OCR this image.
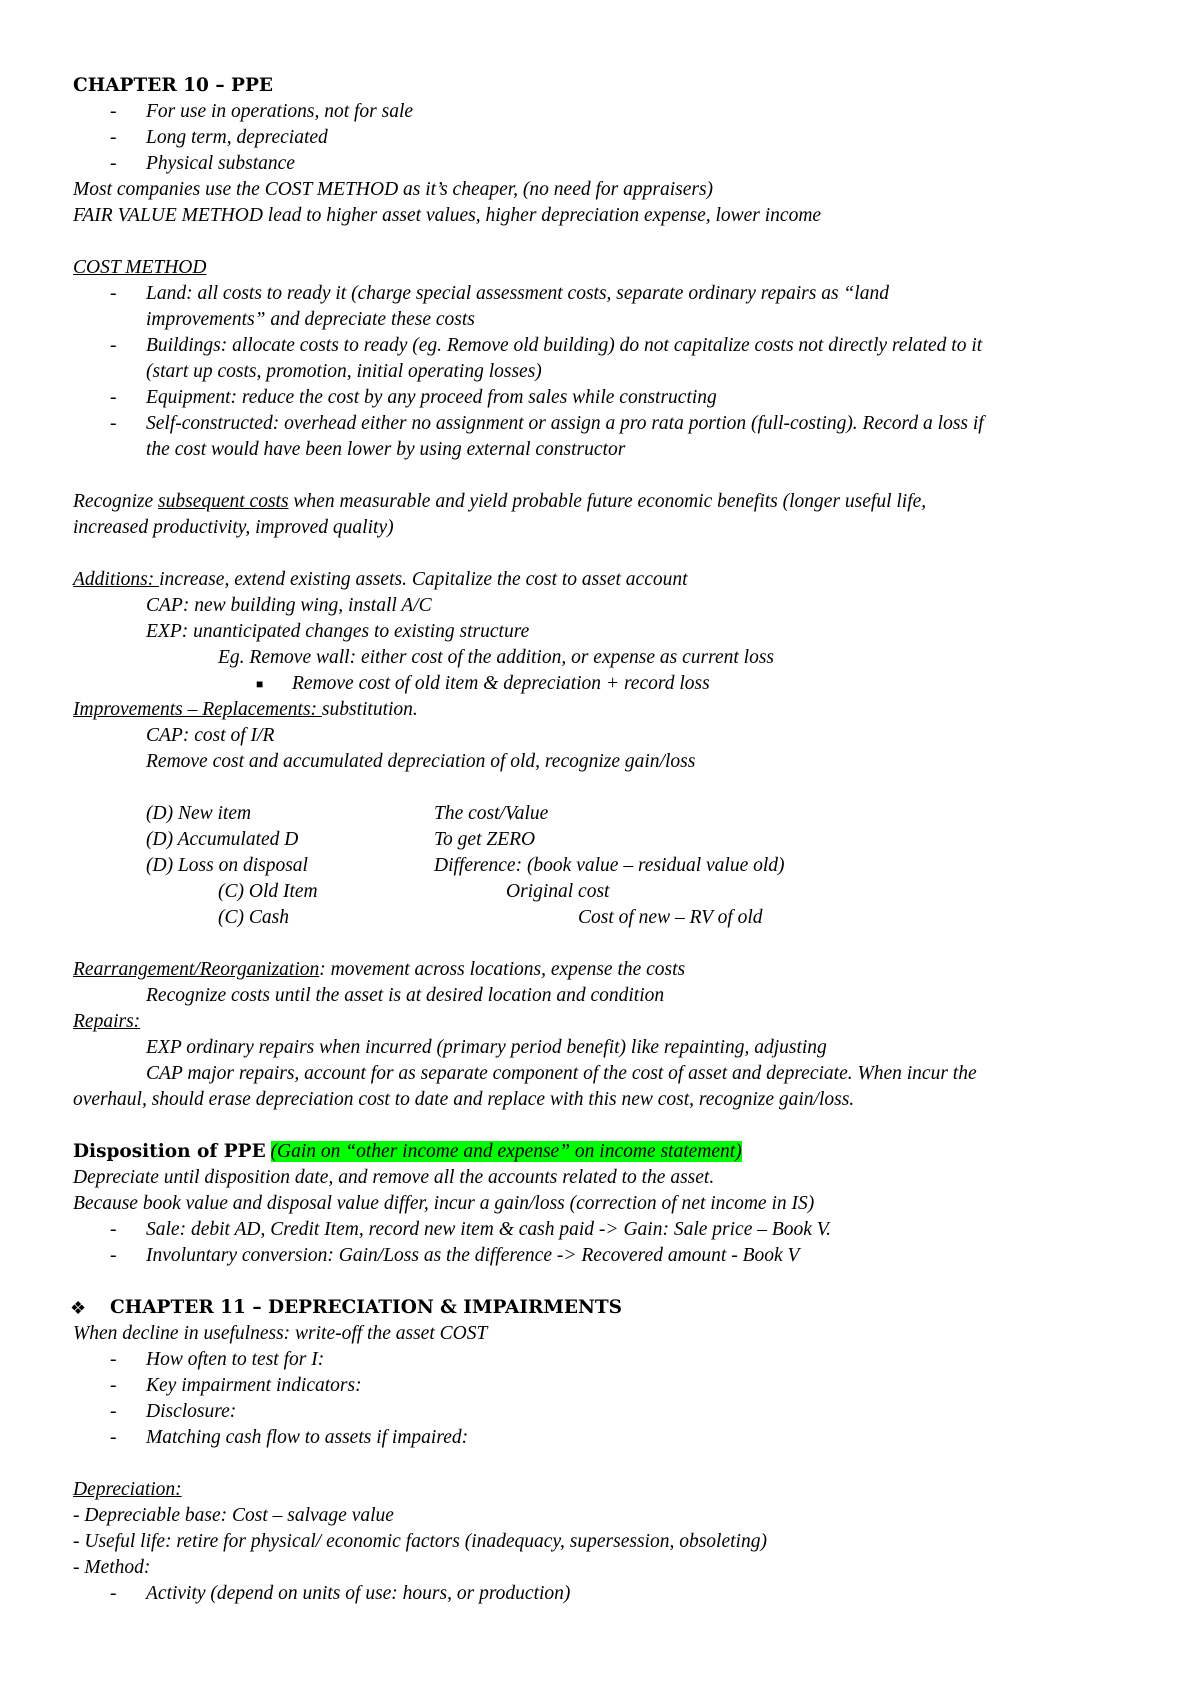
CHAPTER 10 – PPE
- For use in operations, not for sale
- Long term, depreciated
- Physical substance
Most companies use the COST METHOD as it’s cheaper, (no need for appraisers)
FAIR VALUE METHOD lead to higher asset values, higher depreciation expense, lower income
COST METHOD
- Land: all costs to ready it (charge special assessment costs, separate ordinary repairs as “land
improvements” and depreciate these costs
- Buildings: allocate costs to ready (eg. Remove old building) do not capitalize costs not directly related to it
(start up costs, promotion, initial operating losses)
- Equipment: reduce the cost by any proceed from sales while constructing
- Self-constructed: overhead either no assignment or assign a pro rata portion (full-costing). Record a loss if
the cost would have been lower by using external constructor
Recognize subsequent costs when measurable and yield probable future economic benefits (longer useful life,
increased productivity, improved quality)
Additions: increase, extend existing assets. Capitalize the cost to asset account
CAP: new building wing, install A/C
EXP: unanticipated changes to existing structure
Eg. Remove wall: either cost of the addition, or expense as current loss
■ Remove cost of old item & depreciation + record loss
Improvements – Replacements: substitution.
CAP: cost of I/R
Remove cost and accumulated depreciation of old, recognize gain/loss
(D) New item	The cost/Value
(D) Accumulated D	To get ZERO
(D) Loss on disposal	Difference: (book value – residual value old)
(C) Old Item	Original cost
(C) Cash	Cost of new – RV of old
Rearrangement/Reorganization: movement across locations, expense the costs
Recognize costs until the asset is at desired location and condition
Repairs:
EXP ordinary repairs when incurred (primary period benefit) like repainting, adjusting
CAP major repairs, account for as separate component of the cost of asset and depreciate. When incur the
overhaul, should erase depreciation cost to date and replace with this new cost, recognize gain/loss.
Disposition of PPE (Gain on “other income and expense” on income statement)
Depreciate until disposition date, and remove all the accounts related to the asset.
Because book value and disposal value differ, incur a gain/loss (correction of net income in IS)
- Sale: debit AD, Credit Item, record new item & cash paid -> Gain: Sale price – Book V.
- Involuntary conversion: Gain/Loss as the difference -> Recovered amount - Book V
❖ CHAPTER 11 – DEPRECIATION & IMPAIRMENTS
When decline in usefulness: write-off the asset COST
- How often to test for I:
- Key impairment indicators:
- Disclosure:
- Matching cash flow to assets if impaired:
Depreciation:
- Depreciable base: Cost – salvage value
- Useful life: retire for physical/ economic factors (inadequacy, supersession, obsoleting)
- Method:
- Activity (depend on units of use: hours, or production)
